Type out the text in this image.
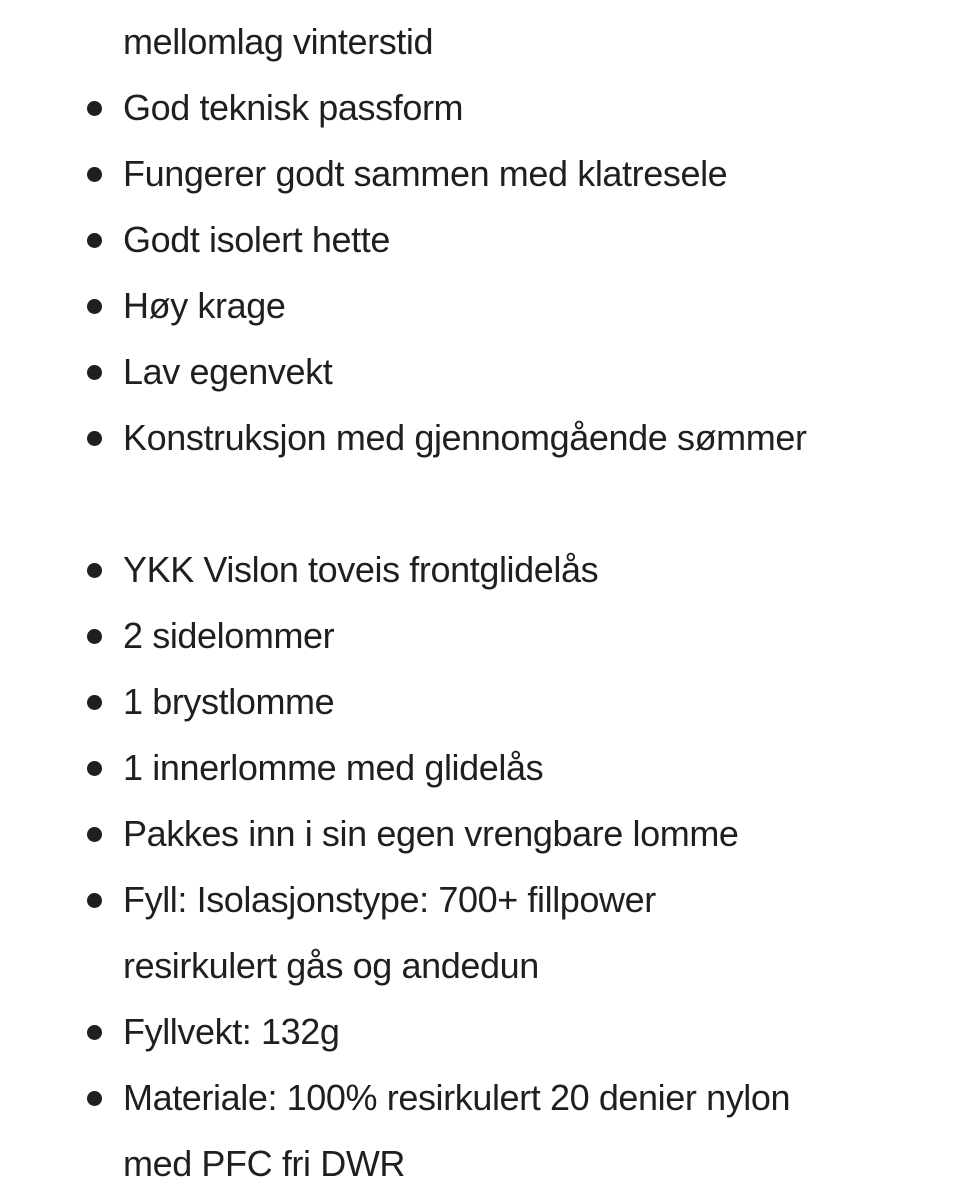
mellomlag vinterstid
God teknisk passform
Fungerer godt sammen med klatresele
Godt isolert hette
Høy krage
Lav egenvekt
Konstruksjon med gjennomgående sømmer
YKK Vislon toveis frontglidelås
2 sidelommer
1 brystlomme
1 innerlomme med glidelås
Pakkes inn i sin egen vrengbare lomme
Fyll: Isolasjonstype: 700+ fillpower resirkulert gås og andedun
Fyllvekt: 132g
Materiale: 100% resirkulert 20 denier nylon med PFC fri DWR
